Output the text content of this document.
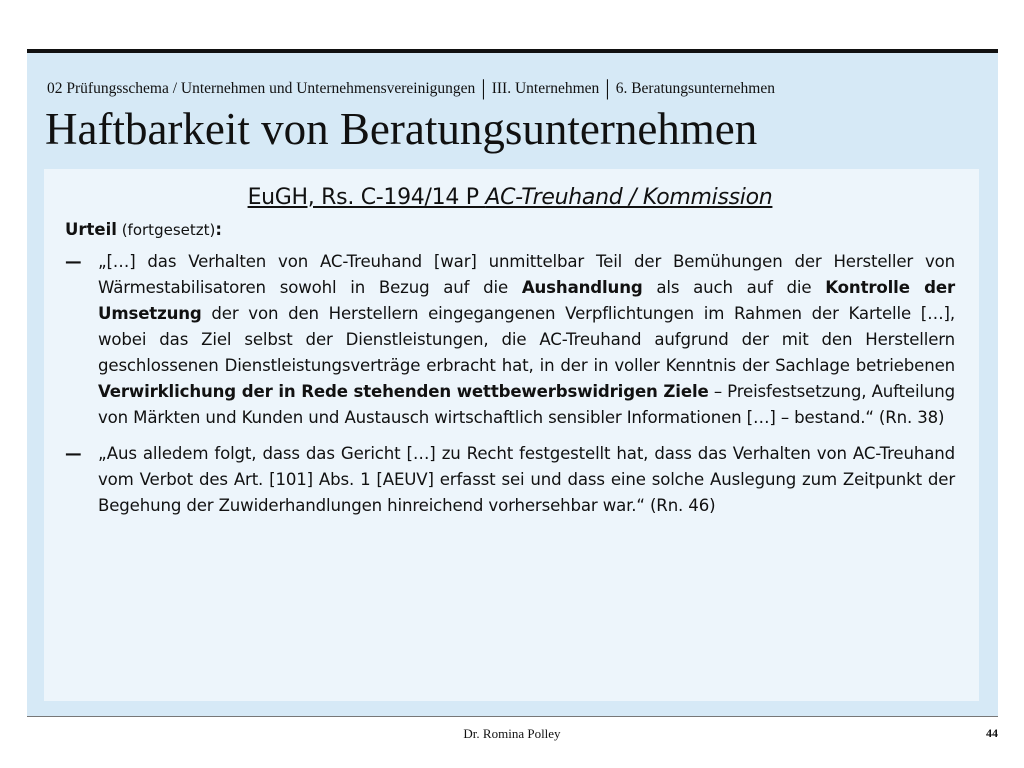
02 Prüfungsschema / Unternehmen und Unternehmensvereinigungen | III. Unternehmen | 6. Beratungsunternehmen
Haftbarkeit von Beratungsunternehmen
EuGH, Rs. C-194/14 P AC-Treuhand / Kommission

Urteil (fortgesetzt):

— „[…] das Verhalten von AC-Treuhand [war] unmittelbar Teil der Bemühungen der Hersteller von Wärmestabilisatoren sowohl in Bezug auf die Aushandlung als auch auf die Kontrolle der Umsetzung der von den Herstellern eingegangenen Verpflichtungen im Rahmen der Kartelle […], wobei das Ziel selbst der Dienstleistungen, die AC-Treuhand aufgrund der mit den Herstellern geschlossenen Dienstleistungsverträge erbracht hat, in der in voller Kenntnis der Sachlage betriebenen Verwirklichung der in Rede stehenden wettbewerbswidrigen Ziele – Preisfestsetzung, Aufteilung von Märkten und Kunden und Austausch wirtschaftlich sensibler Informationen […] – bestand.“ (Rn. 38)

— „Aus alledem folgt, dass das Gericht […] zu Recht festgestellt hat, dass das Verhalten von AC-Treuhand vom Verbot des Art. [101] Abs. 1 [AEUV] erfasst sei und dass eine solche Auslegung zum Zeitpunkt der Begehung der Zuwiderhandlungen hinreichend vorhersehbar war.“ (Rn. 46)

Dr. Romina Polley	44
